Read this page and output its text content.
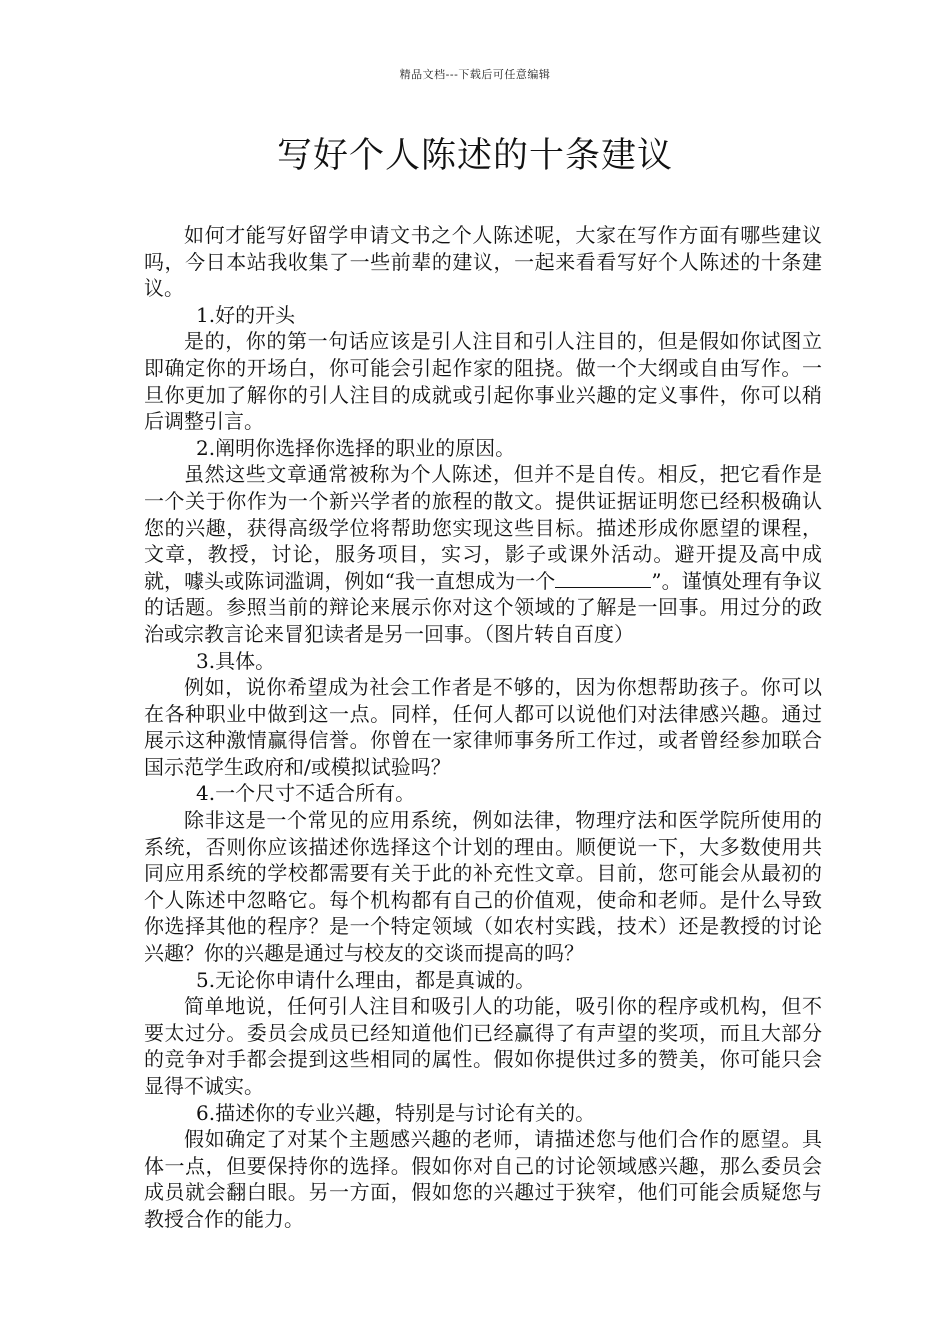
精品文档---下载后可任意编辑
写好个人陈述的十条建议

如何才能写好留学申请文书之个人陈述呢，大家在写作方面有哪些建议吗，今日本站我收集了一些前辈的建议，一起来看看写好个人陈述的十条建议。

1.好的开头

是的，你的第一句话应该是引人注目和引人注目的，但是假如你试图立即确定你的开场白，你可能会引起作家的阻挠。做一个大纲或自由写作。一旦你更加了解你的引人注目的成就或引起你事业兴趣的定义事件，你可以稍后调整引言。

2.阐明你选择你选择的职业的原因。

虽然这些文章通常被称为个人陈述，但并不是自传。相反，把它看作是一个关于你作为一个新兴学者的旅程的散文。提供证据证明您已经积极确认您的兴趣，获得高级学位将帮助您实现这些目标。描述形成你愿望的课程，文章，教授，讨论，服务项目，实习，影子或课外活动。避开提及高中成就，噱头或陈词滥调，例如“我一直想成为一个	”。谨慎处理有争议的话题。参照当前的辩论来展示你对这个领域的了解是一回事。用过分的政治或宗教言论来冒犯读者是另一回事。（图片转自百度）

3.具体。

例如，说你希望成为社会工作者是不够的，因为你想帮助孩子。你可以在各种职业中做到这一点。同样，任何人都可以说他们对法律感兴趣。通过展示这种激情赢得信誉。你曾在一家律师事务所工作过，或者曾经参加联合国示范学生政府和/或模拟试验吗？

4.一个尺寸不适合所有。

除非这是一个常见的应用系统，例如法律，物理疗法和医学院所使用的系统，否则你应该描述你选择这个计划的理由。顺便说一下，大多数使用共同应用系统的学校都需要有关于此的补充性文章。目前，您可能会从最初的个人陈述中忽略它。每个机构都有自己的价值观，使命和老师。是什么导致你选择其他的程序？是一个特定领域（如农村实践，技术）还是教授的讨论兴趣？你的兴趣是通过与校友的交谈而提高的吗？

5.无论你申请什么理由，都是真诚的。

简单地说，任何引人注目和吸引人的功能，吸引你的程序或机构，但不要太过分。委员会成员已经知道他们已经赢得了有声望的奖项，而且大部分的竞争对手都会提到这些相同的属性。假如你提供过多的赞美，你可能只会显得不诚实。

6.描述你的专业兴趣，特别是与讨论有关的。

假如确定了对某个主题感兴趣的老师，请描述您与他们合作的愿望。具体一点，但要保持你的选择。假如你对自己的讨论领域感兴趣，那么委员会成员就会翻白眼。另一方面，假如您的兴趣过于狭窄，他们可能会质疑您与教授合作的能力。
